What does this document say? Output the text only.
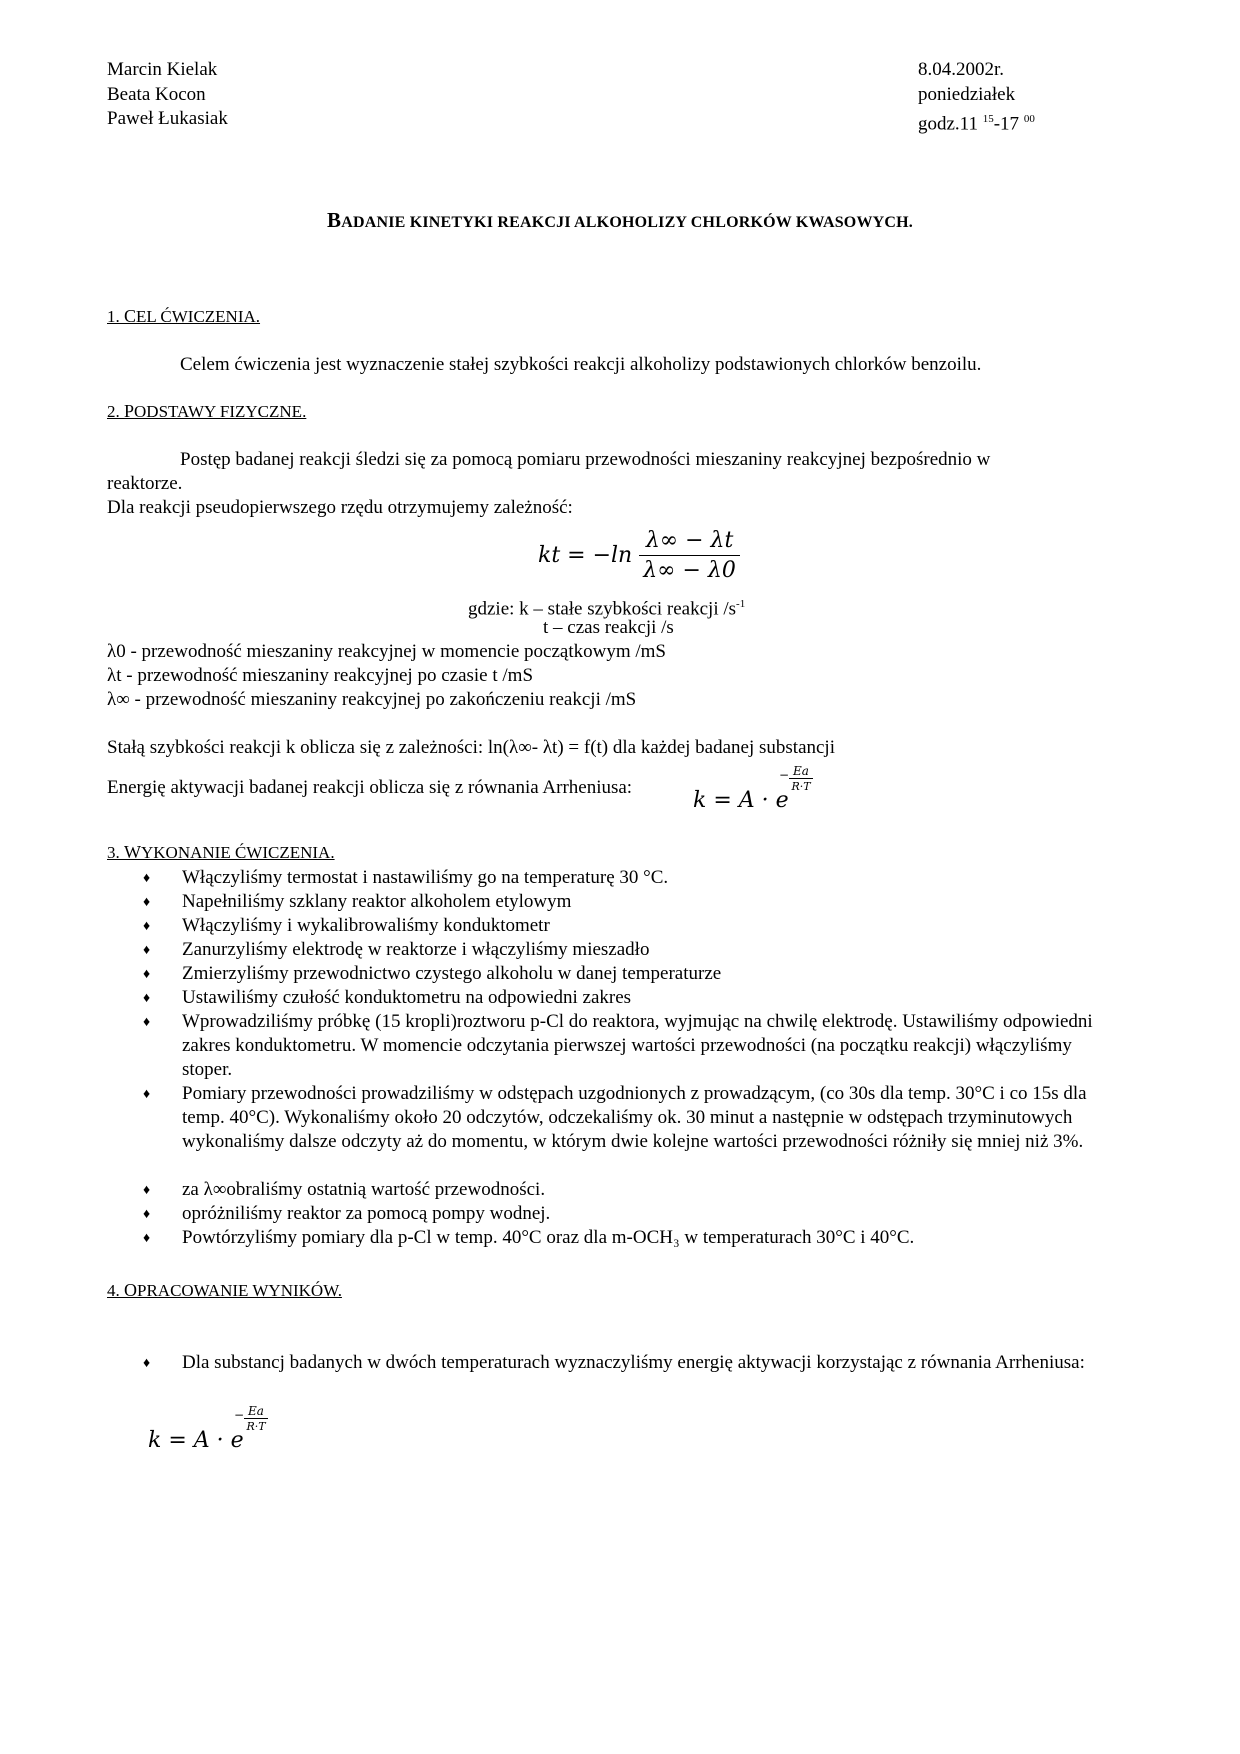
Marcin Kielak
Beata Kocon
Paweł Łukasiak
8.04.2002r.
poniedziałek
godz.11 $^{15}$-17 $^{00}$
BADANIE KINETYKI REAKCJI ALKOHOLIZY CHLORKÓW KWASOWYCH.
1. CEL ĆWICZENIA.
Celem ćwiczenia jest wyznaczenie stałej szybkości reakcji alkoholizy podstawionych chlorków benzoilu.
2. PODSTAWY FIZYCZNE.
Postęp badanej reakcji śledzi się za pomocą pomiaru przewodności mieszaniny reakcyjnej bezpośrednio w
reaktorze.
Dla reakcji pseudopierwszego rzędu otrzymujemy zależność:
kt = $-\ln \frac{\lambda\infty - \lambda t}{\lambda\infty - \lambda 0}$
gdzie: k – stałe szybkości reakcji $/s^{-1}$
t – czas reakcji /s
λ0 - przewodność mieszaniny reakcyjnej w momencie początkowym /mS
λt - przewodność mieszaniny reakcyjnej po czasie t /mS
λ∞ - przewodność mieszaniny reakcyjnej po zakończeniu reakcji /mS
Stałą szybkości reakcji k oblicza się z zależności: ln(λ∞- λt) = f(t) dla każdej badanej substancji
Energię aktywacji badanej reakcji oblicza się z równania Arrheniusa:
k = A · e
− Ea
R·T
3. WYKONANIE ĆWICZENIA.
♦ Włączyliśmy termostat i nastawiliśmy go na temperaturę 30 °C.
♦ Napełniliśmy szklany reaktor alkoholem etylowym
♦ Włączyliśmy i wykalibrowaliśmy konduktometr
♦ Zanurzyliśmy elektrodę w reaktorze i włączyliśmy mieszadło
♦ Zmierzyliśmy przewodnictwo czystego alkoholu w danej temperaturze
♦ Ustawiliśmy czułość konduktometru na odpowiedni zakres
♦ Wprowadziliśmy próbkę (15 kropli)roztworu p-Cl do reaktora, wyjmując na chwilę elektrodę. Ustawiliśmy odpowiedni zakres konduktometru. W momencie odczytania pierwszej wartości przewodności (na początku reakcji) włączyliśmy stoper.
♦ Pomiary przewodności prowadziliśmy w odstępach uzgodnionych z prowadzącym, (co 30s dla temp. 30°C i co 15s dla temp. 40°C). Wykonaliśmy około 20 odczytów, odczekaliśmy ok. 30 minut a następnie w odstępach trzyminutowych wykonaliśmy dalsze odczyty aż do momentu, w którym dwie kolejne wartości przewodności różniły się mniej niż 3%.
♦ za λ∞obraliśmy ostatnią wartość przewodności.
♦ opróżniliśmy reaktor za pomocą pompy wodnej.
♦ Powtórzyliśmy pomiary dla p-Cl w temp. 40°C oraz dla m-OCH₃ w temperaturach 30°C i 40°C.
4. OPRACOWANIE WYNIKÓW.
♦ Dla substancj badanych w dwóch temperaturach wyznaczyliśmy energię aktywacji korzystając z równania Arrheniusa:
k = A · e
− Ea
R·T
